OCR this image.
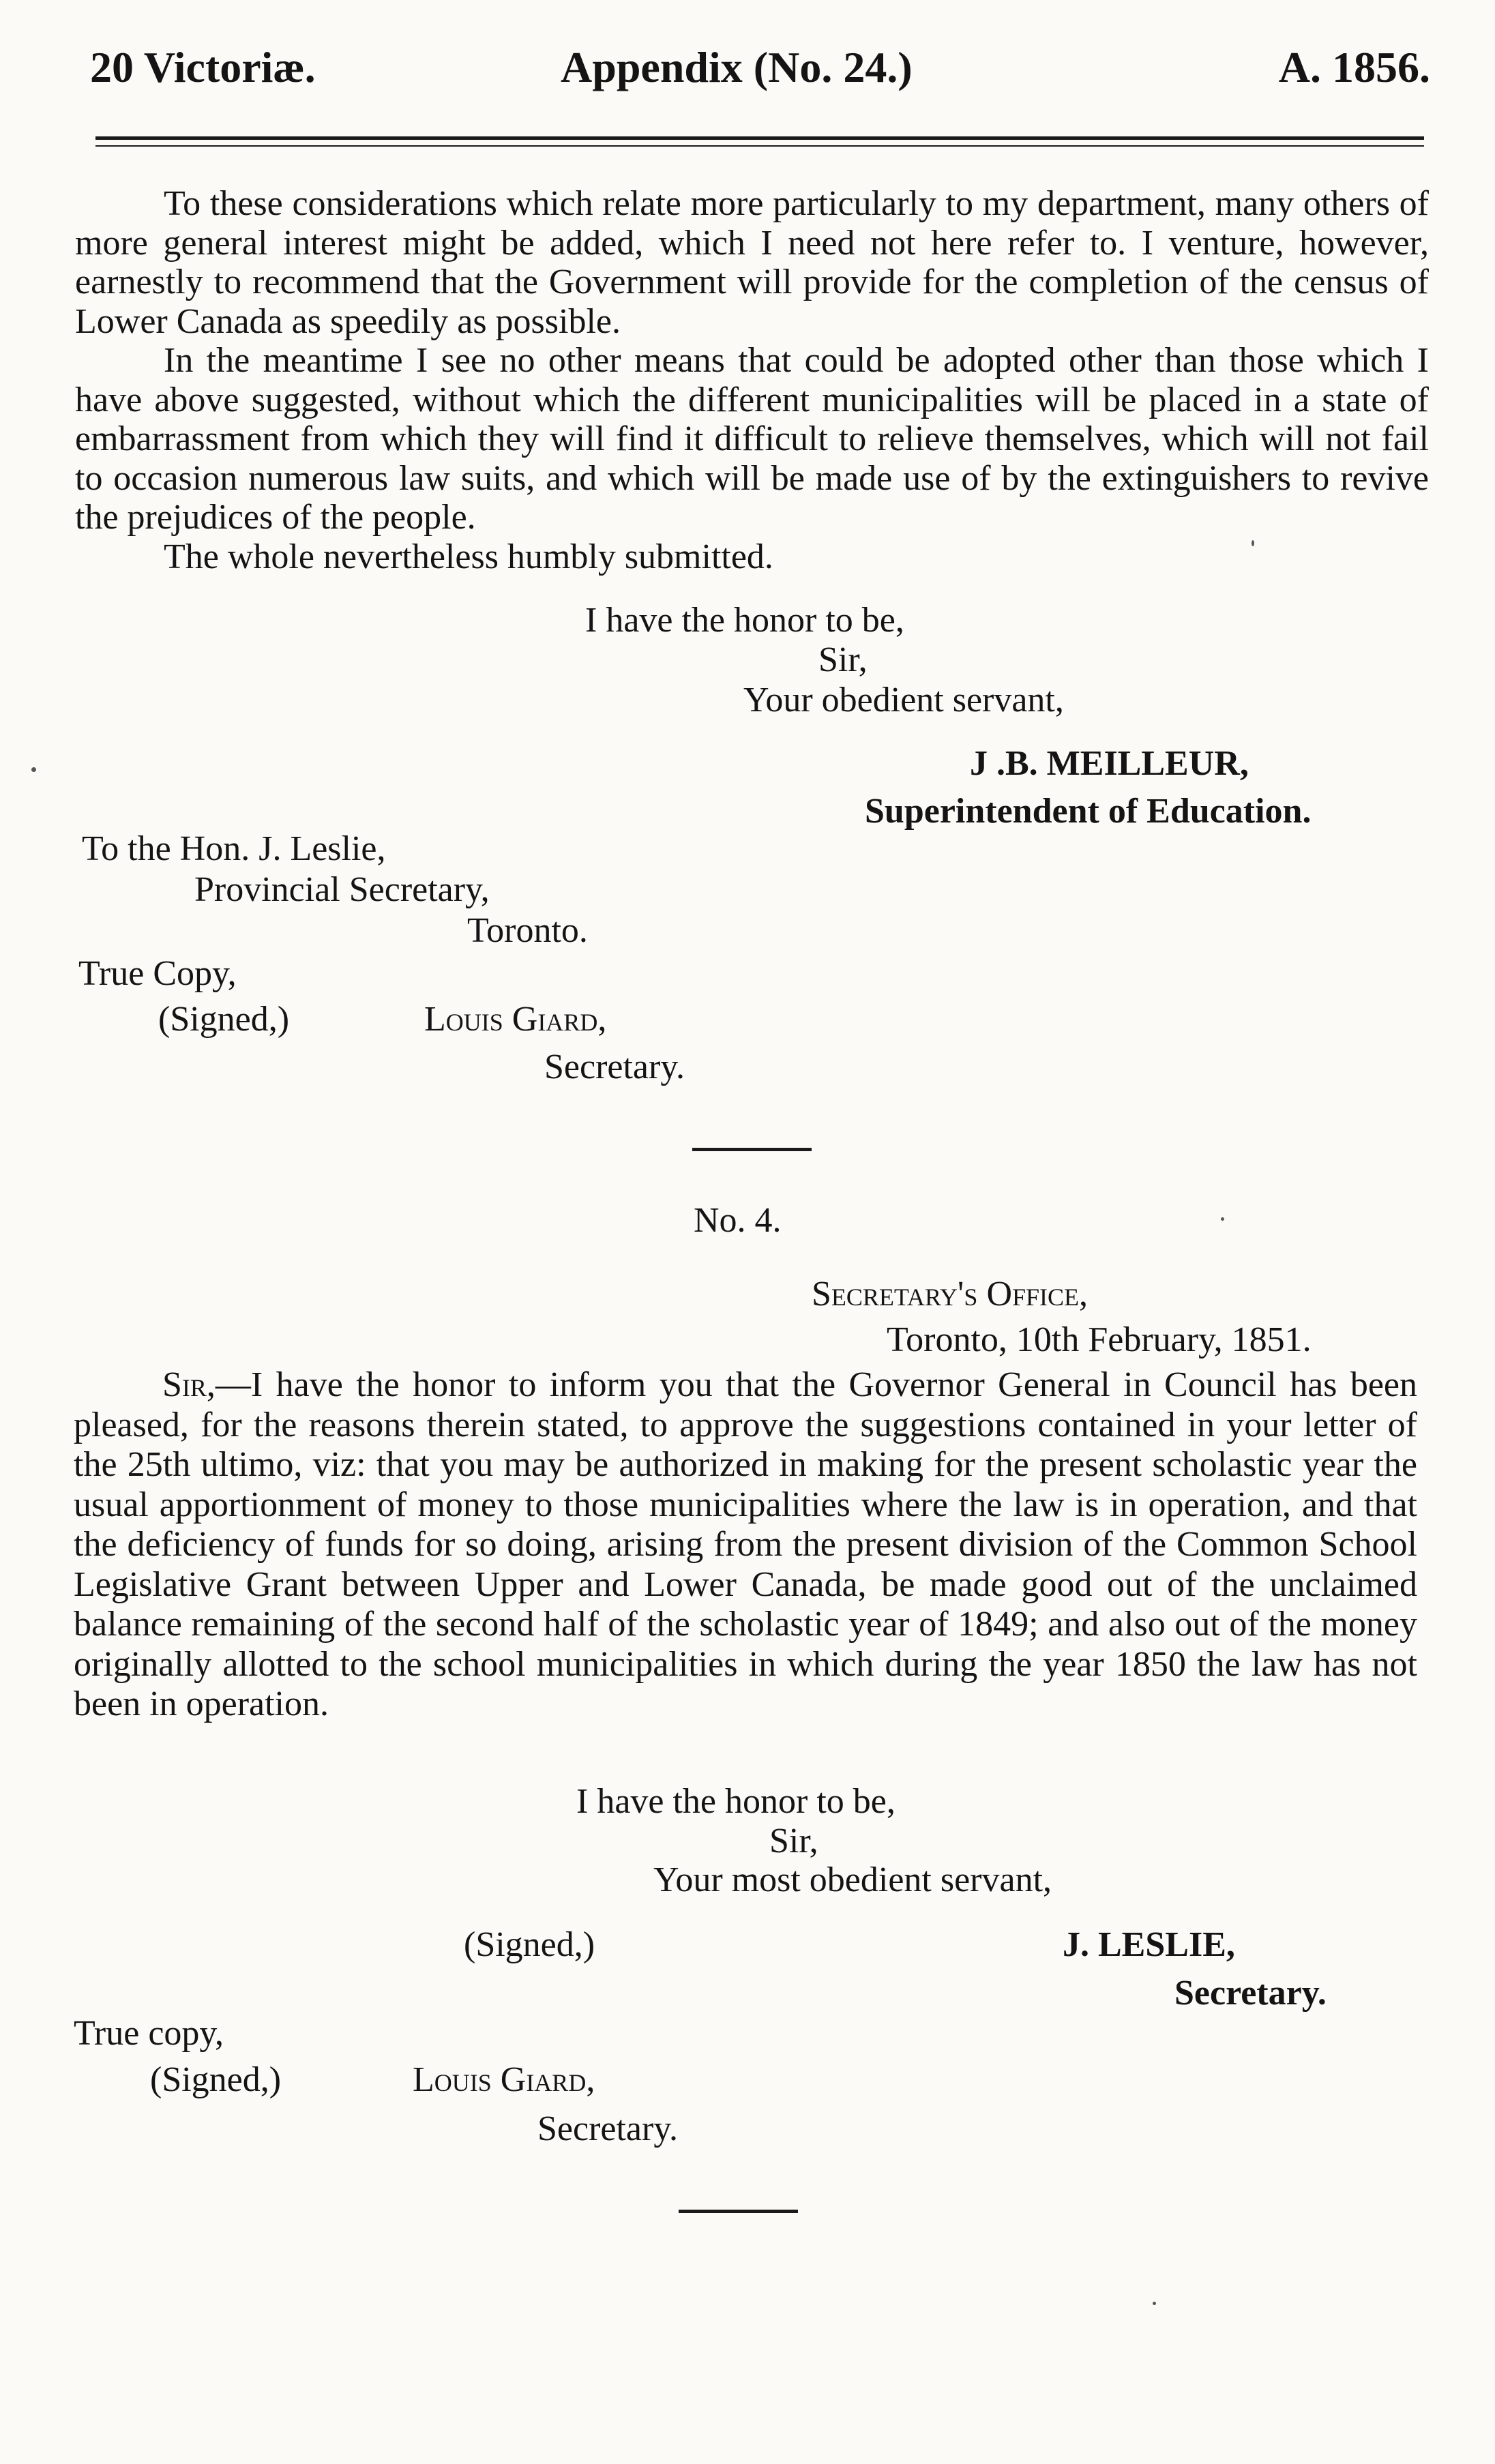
20 Victoriæ.	Appendix (No. 24.)	A. 1856.

To these considerations which relate more particularly to my department, many others of more general interest might be added, which I need not here refer to. I venture, however, earnestly to recommend that the Government will provide for the completion of the census of Lower Canada as speedily as possible.

In the meantime I see no other means that could be adopted other than those which I have above suggested, without which the different municipalities will be placed in a state of embarrassment from which they will find it difficult to relieve themselves, which will not fail to occasion numerous law suits, and which will be made use of by the extinguishers to revive the prejudices of the people.

The whole nevertheless humbly submitted.

I have the honor to be,
Sir,
Your obedient servant,
J .B. MEILLEUR,
Superintendent of Education.
To the Hon. J. Leslie,
Provincial Secretary,
Toronto.
True Copy,
(Signed,)	Louis Giard,
Secretary.
No. 4.
Secretary's Office,
Toronto, 10th February, 1851.

Sir,—I have the honor to inform you that the Governor General in Council has been pleased, for the reasons therein stated, to approve the suggestions contained in your letter of the 25th ultimo, viz: that you may be authorized in making for the present scholastic year the usual apportionment of money to those municipalities where the law is in operation, and that the deficiency of funds for so doing, arising from the present division of the Common School Legislative Grant between Upper and Lower Canada, be made good out of the unclaimed balance remaining of the second half of the scholastic year of 1849; and also out of the money originally allotted to the school municipalities in which during the year 1850 the law has not been in operation.

I have the honor to be,
Sir,
Your most obedient servant,
(Signed,)	J. LESLIE,
Secretary.
True copy,
(Signed,)	Louis Giard,
Secretary.
